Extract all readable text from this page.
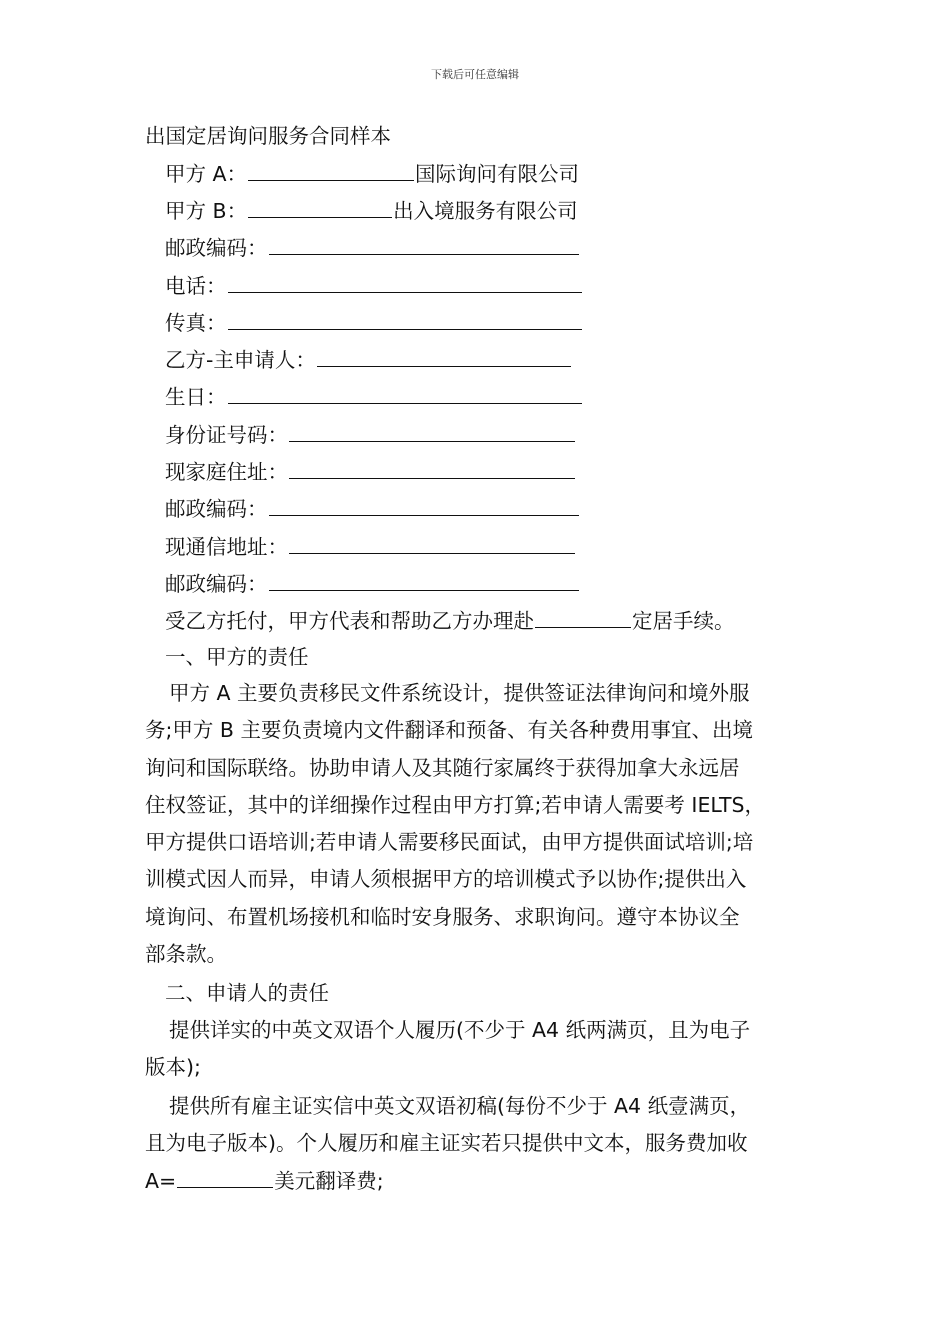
下载后可任意编辑
出国定居询问服务合同样本
甲方 A：	国际询问有限公司
甲方 B：	出入境服务有限公司
邮政编码：
电话：
传真：
乙方-主申请人：
生日：
身份证号码：
现家庭住址：
邮政编码：
现通信地址：
邮政编码：
受乙方托付，甲方代表和帮助乙方办理赴	定居手续。
一、甲方的责任
甲方 A 主要负责移民文件系统设计，提供签证法律询问和境外服
务;甲方 B 主要负责境内文件翻译和预备、有关各种费用事宜、出境
询问和国际联络。协助申请人及其随行家属终于获得加拿大永远居
住权签证，其中的详细操作过程由甲方打算;若申请人需要考 IELTS，
甲方提供口语培训;若申请人需要移民面试，由甲方提供面试培训;培
训模式因人而异，申请人须根据甲方的培训模式予以协作;提供出入
境询问、布置机场接机和临时安身服务、求职询问。遵守本协议全
部条款。
二、申请人的责任
提供详实的中英文双语个人履历(不少于 A4 纸两满页，且为电子
版本);
提供所有雇主证实信中英文双语初稿(每份不少于 A4 纸壹满页，
且为电子版本)。个人履历和雇主证实若只提供中文本，服务费加收
A=	美元翻译费;
